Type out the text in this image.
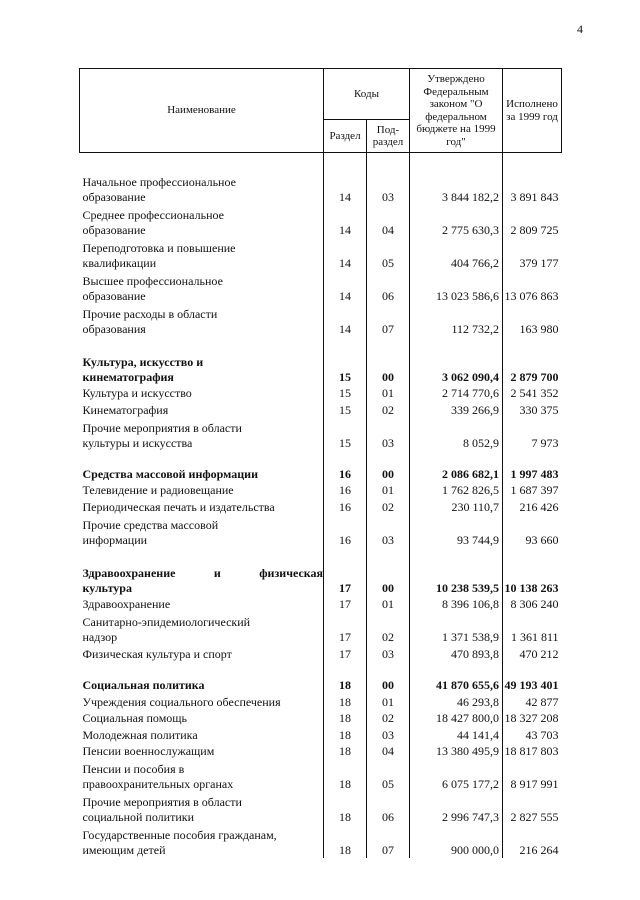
4
Наименование	Коды		Утверждено Федеральным законом "О федеральном бюджете на 1999 год"	Исполнено за 1999 год
	Раздел	Под-
раздел		

Начальное профессиональное
образование	14	03	3 844 182,2	3 891 843

Среднее профессиональное
образование	14	04	2 775 630,3	2 809 725

Переподготовка и повышение
квалификации	14	05	404 766,2	379 177

Высшее профессиональное
образование	14	06	13 023 586,6	13 076 863

Прочие расходы в области
образования	14	07	112 732,2	163 980

Культура, искусство и
кинематография	15	00	3 062 090,4	2 879 700

Культура и искусство	15	01	2 714 770,6	2 541 352

Кинематография	15	02	339 266,9	330 375

Прочие мероприятия в области
культуры и искусства	15	03	8 052,9	7 973

Средства массовой информации	16	00	2 086 682,1	1 997 483

Телевидение и радиовещание	16	01	1 762 826,5	1 687 397

Периодическая печать и издательства	16	02	230 110,7	216 426

Прочие средства массовой
информации	16	03	93 744,9	93 660

Здравоохранение и физическая
культура	17	00	10 238 539,5	10 138 263

Здравоохранение	17	01	8 396 106,8	8 306 240

Санитарно-эпидемиологический
надзор	17	02	1 371 538,9	1 361 811

Физическая культура и спорт	17	03	470 893,8	470 212

Социальная политика	18	00	41 870 655,6	49 193 401

Учреждения социального обеспечения	18	01	46 293,8	42 877

Социальная помощь	18	02	18 427 800,0	18 327 208

Молодежная политика	18	03	44 141,4	43 703

Пенсии военнослужащим	18	04	13 380 495,9	18 817 803

Пенсии и пособия в
правоохранительных органах	18	05	6 075 177,2	8 917 991

Прочие мероприятия в области
социальной политики	18	06	2 996 747,3	2 827 555

Государственные пособия гражданам,
имеющим детей	18	07	900 000,0	216 264
